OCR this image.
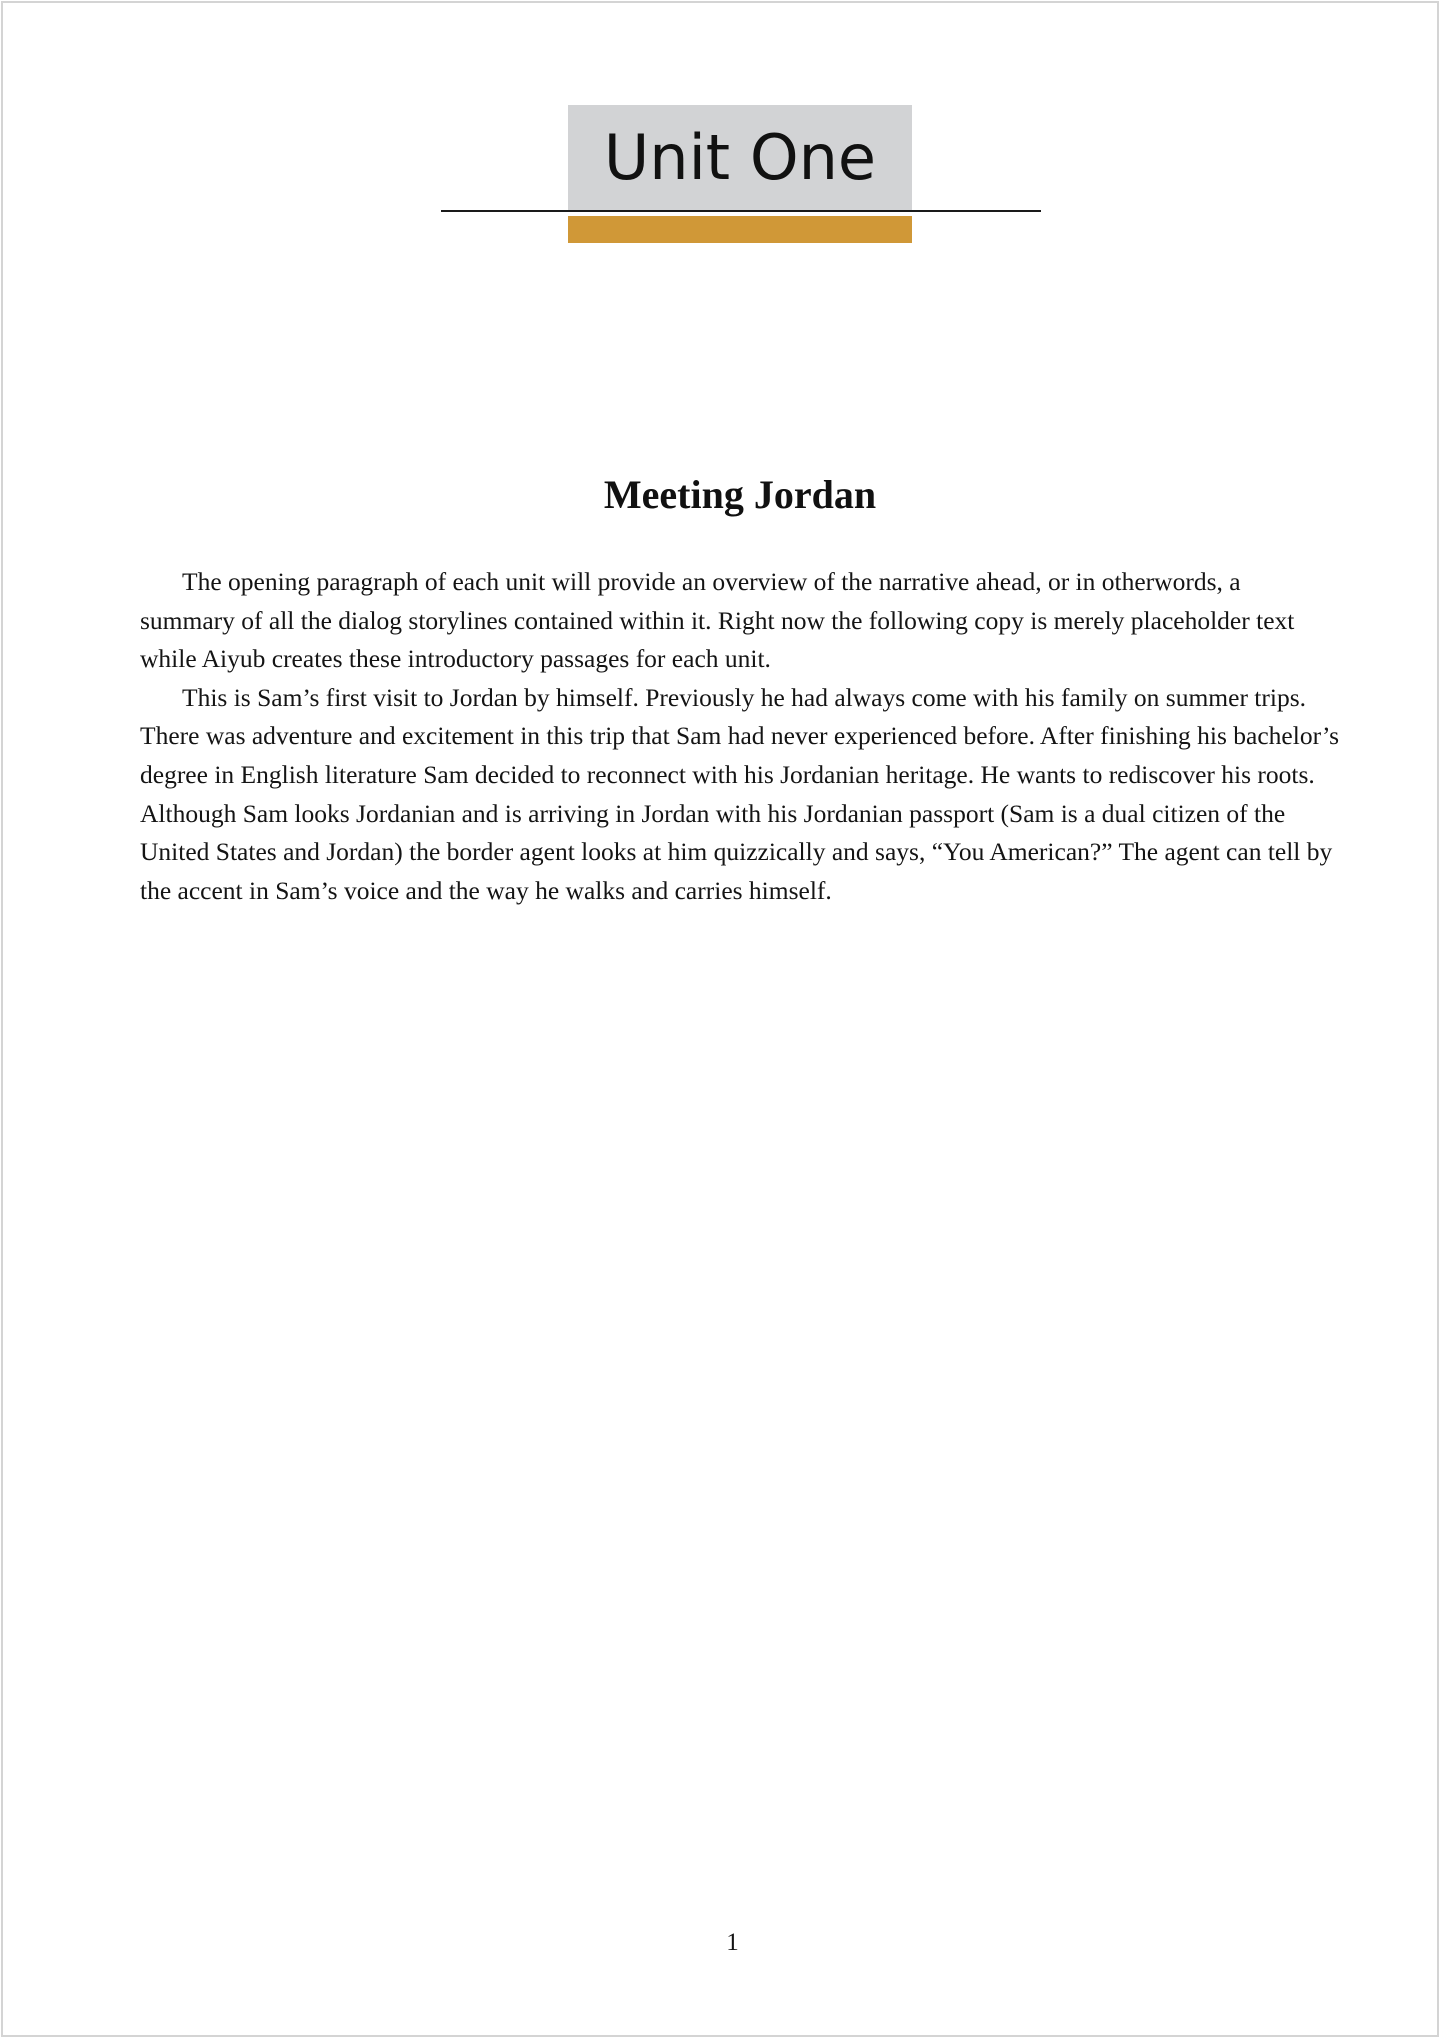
Unit One
Meeting Jordan

The opening paragraph of each unit will provide an overview of the narrative ahead, or in otherwords, a summary of all the dialog storylines contained within it. Right now the following copy is merely placeholder text while Aiyub creates these introductory passages for each unit.

This is Sam’s first visit to Jordan by himself. Previously he had always come with his family on summer trips. There was adventure and excitement in this trip that Sam had never experienced before. After finishing his bachelor’s degree in English literature Sam decided to reconnect with his Jordanian heritage. He wants to rediscover his roots. Although Sam looks Jordanian and is arriving in Jordan with his Jordanian passport (Sam is a dual citizen of the United States and Jordan) the border agent looks at him quizzically and says, “You American?” The agent can tell by the accent in Sam’s voice and the way he walks and carries himself.

1
